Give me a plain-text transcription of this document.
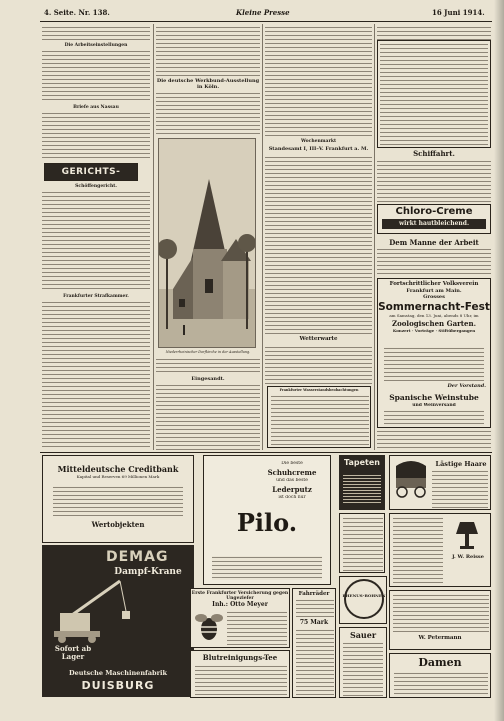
4. Seite. Nr. 138.	Kleine Presse	16 Juni 1914.
Die Arbeitseinstellungen
Briefe aus Nassau
GERICHTS-
Schöffengericht.
Frankfurter Strafkammer.
Die deutsche Werkbund-Ausstellung in Köln.
Niederrheinischer Dorfkirche in der Ausstellung.
Eingesandt.
Wochenmarkt
Standesamt I, III–V. Frankfurt a. M.
Wetterwarte
Frankfurter Wasserstandsbeobachtungen
Schiffahrt.
Chloro-Creme
wirkt hautbleichend.
Dem Manne der Arbeit
Fortschrittlicher Volksverein
Frankfurt am Main.
Grosses
Sommernacht-Fest
am Samstag, den 13. Juni, abends 8 Uhr, im
Zoologischen Garten.
Konzert · Vorträge · Stiftübergangen
Der Vorstand.
Spanische Weinstube
und Weinversand
Mitteldeutsche Creditbank
Kapital und Reserven 69 Millionen Mark
Wertobjekten
DEMAG
Dampf-Krane
Sofort ab Lager
Deutsche Maschinenfabrik
DUISBURG
Die beste
Schuhcreme
und das beste
Lederputz
ist doch nur
Pilo.
Erste Frankfurter Versicherung gegen Ungeziefer
Inh.: Otto Meyer
Blutreinigungs-Tee
Fahrräder
75 Mark
Tapeten
RHENUS-BOHNEN
Sauer
Lästige Haare
J. W. Reisse
W. Petermann
Damen
